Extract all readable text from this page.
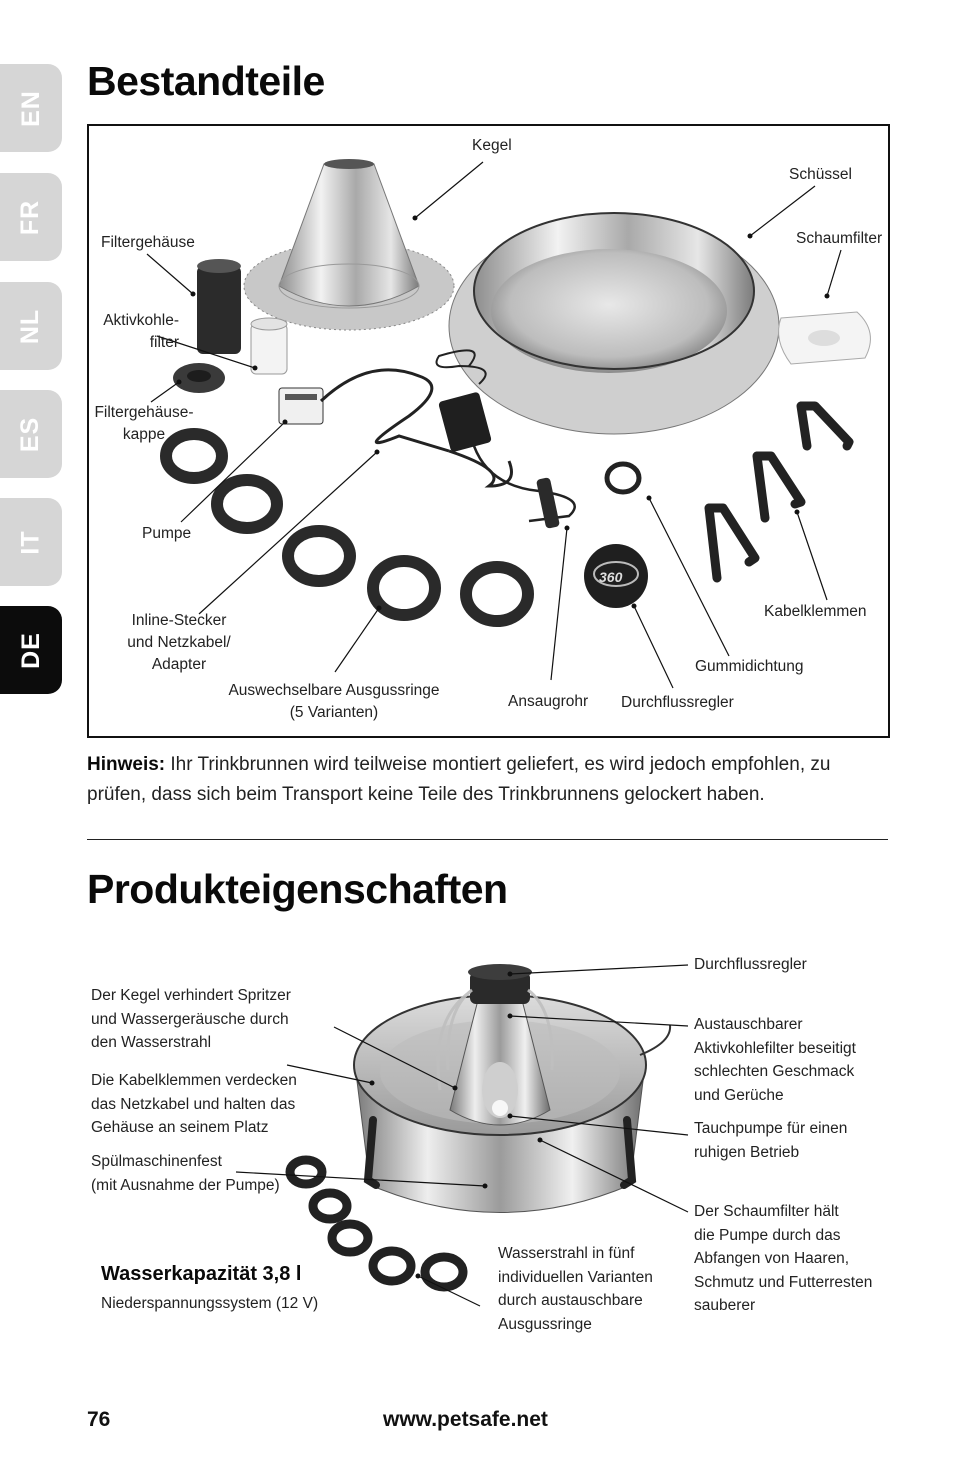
EN
FR
NL
ES
IT
DE
Bestandteile
360
Kegel
Schüssel
Filtergehäuse	Schaumfilter
Aktivkohle-
filter
Filtergehäuse-
kappe
Pumpe
Inline-Stecker
und Netzkabel/
Adapter
Auswechselbare Ausgussringe
(5 Varianten)
Ansaugrohr Durchflussregler
Gummidichtung
Kabelklemmen
Hinweis: Ihr Trinkbrunnen wird teilweise montiert geliefert, es wird jedoch empfohlen, zu prüfen, dass sich beim Transport keine Teile des Trinkbrunnens gelockert haben.
Produkteigenschaften
Der Kegel verhindert Spritzer
und Wassergeräusche durch
den Wasserstrahl
Die Kabelklemmen verdecken
das Netzkabel und halten das
Gehäuse an seinem Platz
Spülmaschinenfest
(mit Ausnahme der Pumpe)
Durchflussregler
Austauschbarer
Aktivkohlefilter beseitigt
schlechten Geschmack
und Gerüche
Tauchpumpe für einen
ruhigen Betrieb
Der Schaumfilter hält
die Pumpe durch das
Abfangen von Haaren,
Schmutz und Futterresten
sauberer
Wasserstrahl in fünf
individuellen Varianten
durch austauschbare
Ausgussringe
Wasserkapazität 3,8 l
Niederspannungssystem (12 V)
76	www.petsafe.net
